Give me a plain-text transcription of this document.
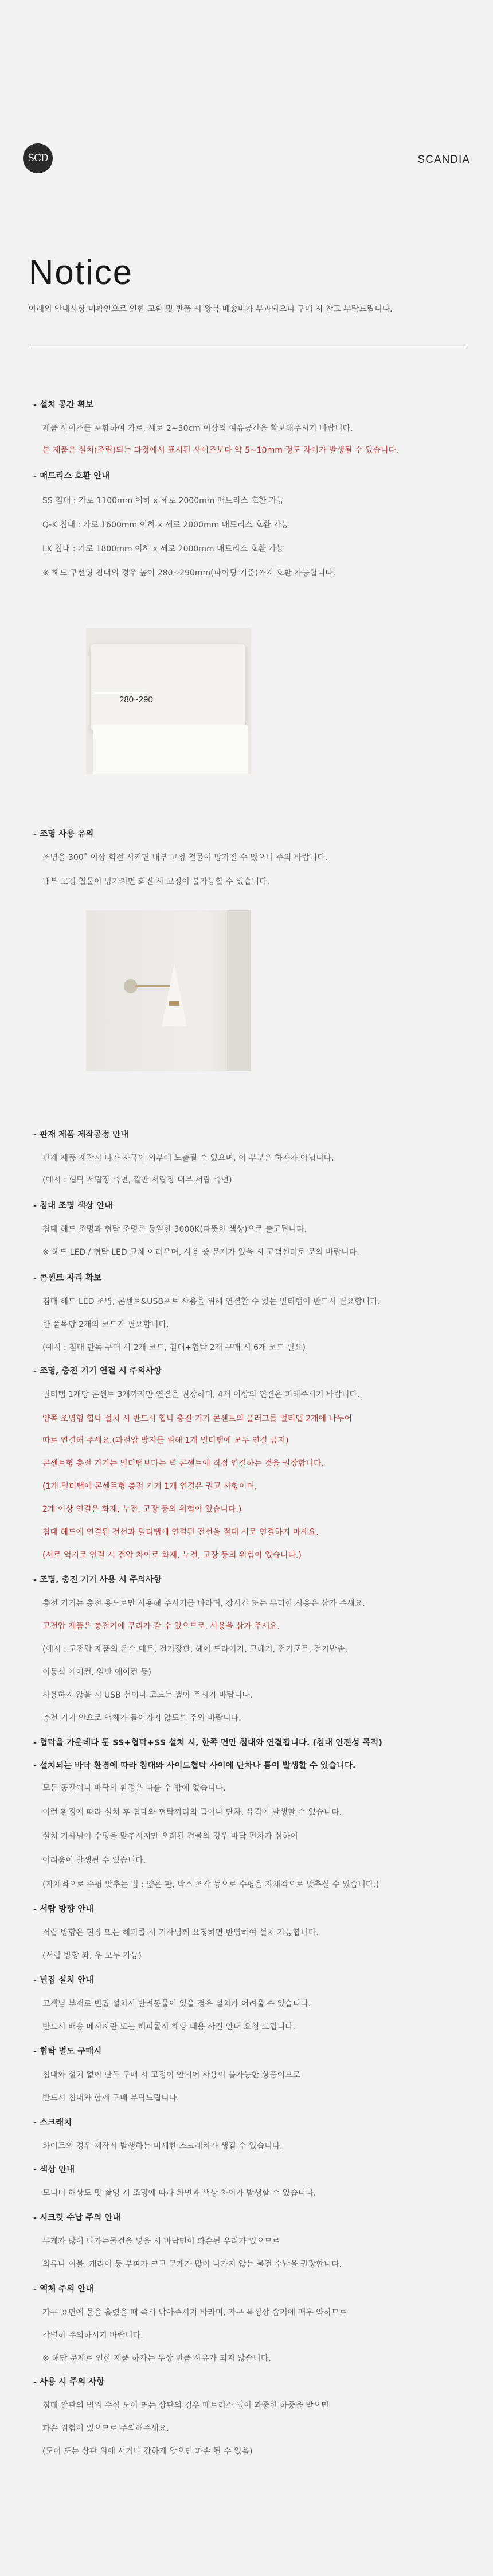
SCD	SCANDIA
Notice
아래의 안내사항 미확인으로 인한 교환 및 반품 시 왕복 배송비가 부과되오니 구매 시 참고 부탁드립니다.
- 설치 공간 확보
제품 사이즈를 포함하여 가로, 세로 2~30cm 이상의 여유공간을 확보해주시기 바랍니다.
본 제품은 설치(조립)되는 과정에서 표시된 사이즈보다 약 5~10mm 정도 차이가 발생될 수 있습니다.
- 매트리스 호환 안내
SS 침대 : 가로 1100mm 이하 x 세로 2000mm 매트리스 호환 가능
Q-K 침대 : 가로 1600mm 이하 x 세로 2000mm 매트리스 호환 가능
LK 침대 : 가로 1800mm 이하 x 세로 2000mm 매트리스 호환 가능
※ 헤드 쿠션형 침대의 경우 높이 280~290mm(파이핑 기준)까지 호환 가능합니다.
280~290
- 조명 사용 유의
조명을 300˚ 이상 회전 시키면 내부 고정 철물이 망가질 수 있으니 주의 바랍니다.
내부 고정 철물이 망가지면 회전 시 고정이 불가능할 수 있습니다.
- 판재 제품 제작공정 안내
판재 제품 제작시 타카 자국이 외부에 노출될 수 있으며, 이 부분은 하자가 아닙니다.
(예시 : 협탁 서랍장 측면, 깔판 서랍장 내부 서랍 측면)
- 침대 조명 색상 안내
침대 헤드 조명과 협탁 조명은 동일한 3000K(따뜻한 색상)으로 출고됩니다.
※ 헤드 LED / 협탁 LED 교체 어려우며, 사용 중 문제가 있을 시 고객센터로 문의 바랍니다.
- 콘센트 자리 확보
침대 헤드 LED 조명, 콘센트&USB포트 사용을 위해 연결할 수 있는 멀티탭이 반드시 필요합니다.
한 품목당 2개의 코드가 필요합니다.
(예시 : 침대 단독 구매 시 2개 코드, 침대+협탁 2개 구매 시 6개 코드 필요)
- 조명, 충전 기기 연결 시 주의사항
멀티탭 1개당 콘센트 3개까지만 연결을 권장하며, 4개 이상의 연결은 피해주시기 바랍니다.
양쪽 조명형 협탁 설치 시 반드시 협탁 충전 기기 콘센트의 플러그를 멀티탭 2개에 나누어
따로 연결해 주세요.(과전압 방지를 위해 1개 멀티탭에 모두 연결 금지)
콘센트형 충전 기기는 멀티탭보다는 벽 콘센트에 직접 연결하는 것을 권장합니다.
(1개 멀티탭에 콘센트형 충전 기기 1개 연결은 권고 사항이며,
2개 이상 연결은 화재, 누전, 고장 등의 위험이 있습니다.)
침대 헤드에 연결된 전선과 멀티탭에 연결된 전선을 절대 서로 연결하지 마세요.
(서로 억지로 연결 시 전압 차이로 화재, 누전, 고장 등의 위험이 있습니다.)
- 조명, 충전 기기 사용 시 주의사항
충전 기기는 충전 용도로만 사용해 주시기를 바라며, 장시간 또는 무리한 사용은 삼가 주세요.
고전압 제품은 충전기에 무리가 갈 수 있으므로, 사용을 삼가 주세요.
(예시 : 고전압 제품의 온수 매트, 전기장판, 헤어 드라이기, 고데기, 전기포트, 전기밥솥,
이동식 에어컨, 일반 에어컨 등)
사용하지 않을 시 USB 선이나 코드는 뽑아 주시기 바랍니다.
충전 기기 안으로 액체가 들어가지 않도록 주의 바랍니다.
- 협탁을 가운데다 둔 SS+협탁+SS 설치 시, 한쪽 면만 침대와 연결됩니다. (침대 안전성 목적)
- 설치되는 바닥 환경에 따라 침대와 사이드협탁 사이에 단차나 틈이 발생할 수 있습니다.
모든 공간이나 바닥의 환경은 다를 수 밖에 없습니다.
이런 환경에 따라 설치 후 침대와 협탁끼리의 틈이나 단차, 유격이 발생할 수 있습니다.
설치 기사님이 수평을 맞추시지만 오래된 건물의 경우 바닥 편차가 심하여
어려움이 발생될 수 있습니다.
(자체적으로 수평 맞추는 법 : 얇은 판, 박스 조각 등으로 수평을 자체적으로 맞추실 수 있습니다.)
- 서랍 방향 안내
서랍 방향은 현장 또는 해피콜 시 기사님께 요청하면 반영하여 설치 가능합니다.
(서랍 방향 좌, 우 모두 가능)
- 빈집 설치 안내
고객님 부재로 빈집 설치시 반려동물이 있을 경우 설치가 어려울 수 있습니다.
반드시 배송 메시지란 또는 해피콜시 해당 내용 사전 안내 요청 드립니다.
- 협탁 별도 구매시
침대와 설치 없이 단독 구매 시 고정이 안되어 사용이 불가능한 상품이므로
반드시 침대와 함께 구매 부탁드립니다.
- 스크래치
화이트의 경우 제작시 발생하는 미세한 스크래치가 생길 수 있습니다.
- 색상 안내
모니터 해상도 및 촬영 시 조명에 따라 화면과 색상 차이가 발생할 수 있습니다.
- 시크릿 수납 주의 안내
무게가 많이 나가는물건을 넣을 시 바닥면이 파손될 우려가 있으므로
의류나 이불, 캐리어 등 부피가 크고 무게가 많이 나가지 않는 물건 수납을 권장합니다.
- 액체 주의 안내
가구 표면에 물을 흘렸을 때 즉시 닦아주시기 바라며, 가구 특성상 습기에 매우 약하므로
각별히 주의하시기 바랍니다.
※ 해당 문제로 인한 제품 하자는 무상 반품 사유가 되지 않습니다.
- 사용 시 주의 사항
침대 깔판의 범위 수십 도어 또는 상판의 경우 매트리스 없이 과중한 하중을 받으면
파손 위험이 있으므로 주의해주세요.
(도어 또는 상판 위에 서거나 강하게 앉으면 파손 될 수 있음)
